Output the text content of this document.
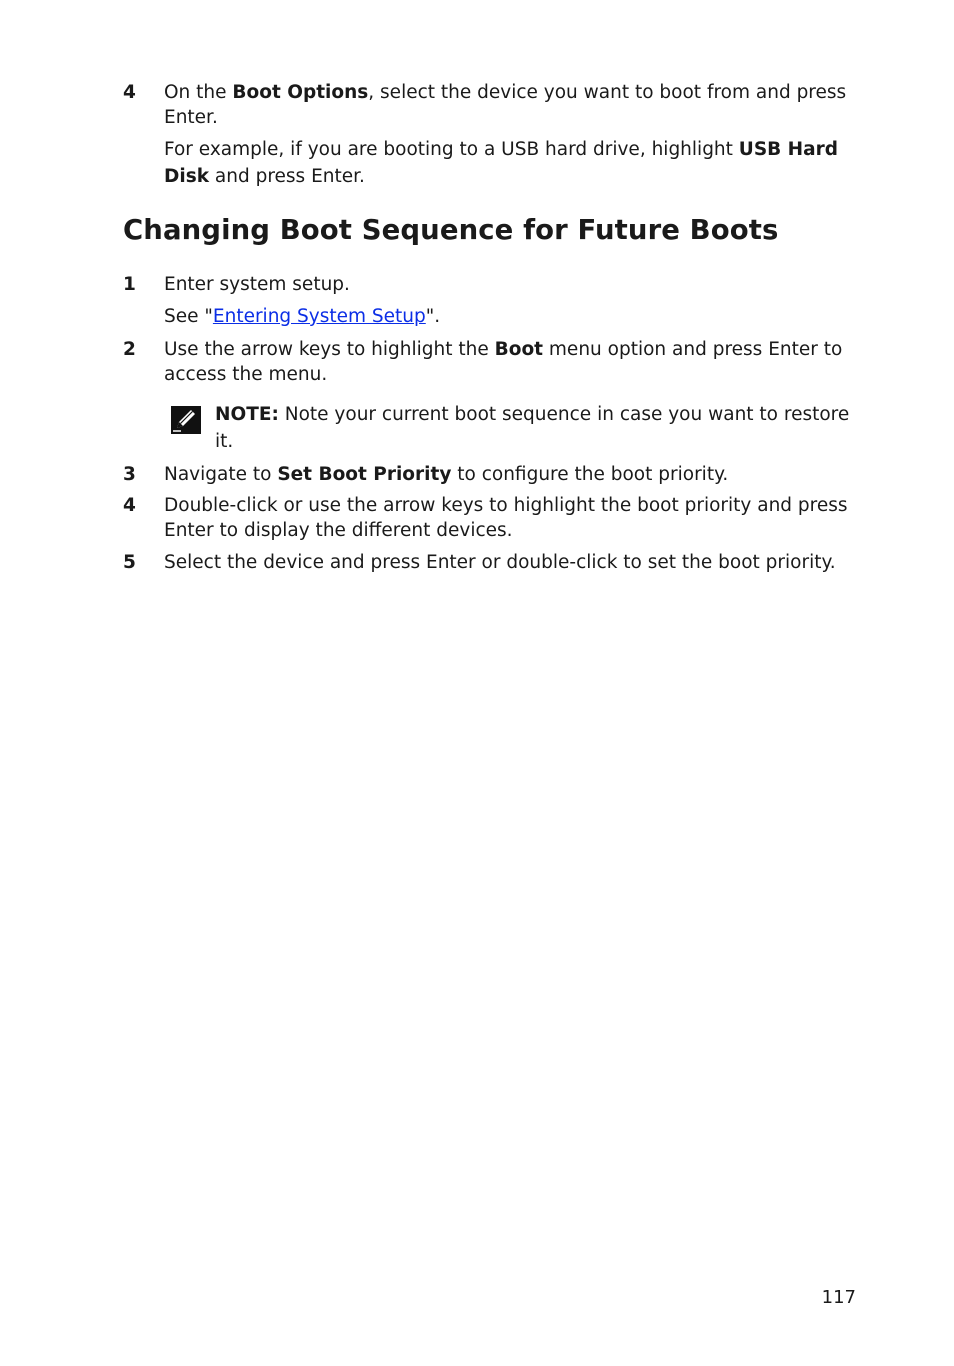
4	On the Boot Options, select the device you want to boot from and press Enter.
For example, if you are booting to a USB hard drive, highlight USB Hard Disk and press Enter.
Changing Boot Sequence for Future Boots
1	Enter system setup.
See "Entering System Setup".
2	Use the arrow keys to highlight the Boot menu option and press Enter to access the menu.
NOTE: Note your current boot sequence in case you want to restore it.
3	Navigate to Set Boot Priority to configure the boot priority.
4	Double-click or use the arrow keys to highlight the boot priority and press Enter to display the different devices.
5	Select the device and press Enter or double-click to set the boot priority.
117
